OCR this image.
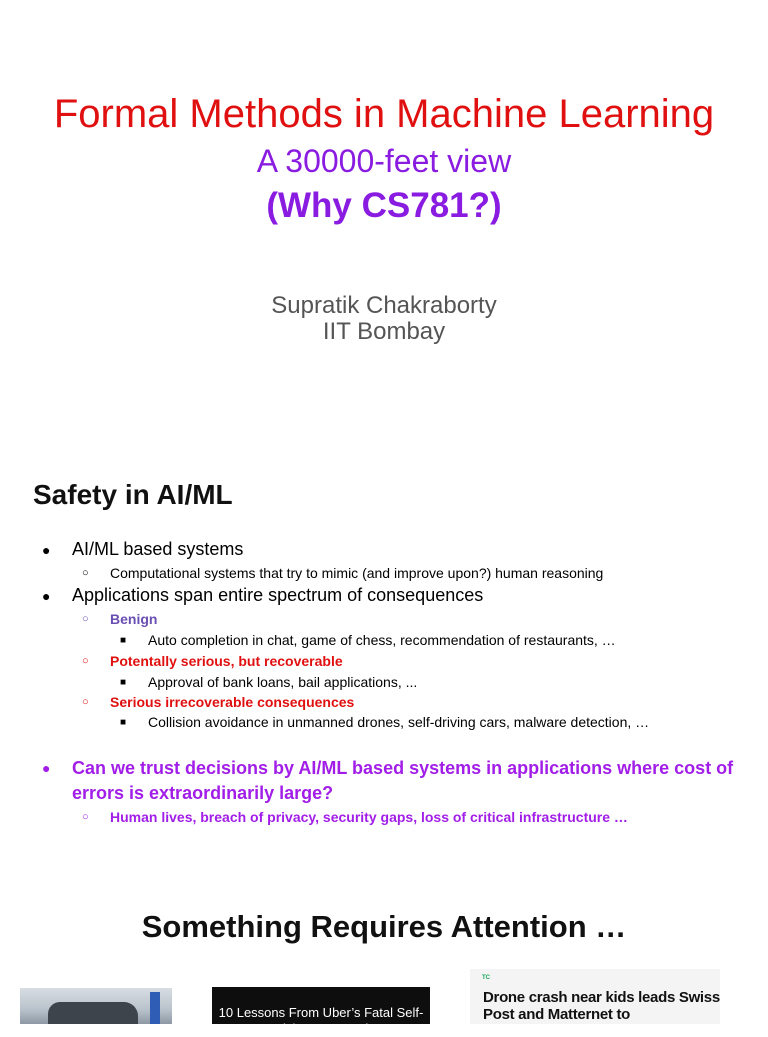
Formal Methods in Machine Learning
A 30000-feet view
(Why CS781?)
Supratik Chakraborty
IIT Bombay
Safety in AI/ML
● AI/ML based systems
○ Computational systems that try to mimic (and improve upon?) human reasoning
● Applications span entire spectrum of consequences
○ Benign
■ Auto completion in chat, game of chess, recommendation of restaurants, …
○ Potentally serious, but recoverable
■ Approval of bank loans, bail applications, ...
○ Serious irrecoverable consequences
■ Collision avoidance in unmanned drones, self-driving cars, malware detection, …
● Can we trust decisions by AI/ML based systems in applications where cost of errors is extraordinarily large?
○ Human lives, breach of privacy, security gaps, loss of critical infrastructure …
Something Requires Attention …
10 Lessons From Uber’s Fatal Self-Driving Car Crash
TC
Drone crash near kids leads Swiss Post and Matternet to
